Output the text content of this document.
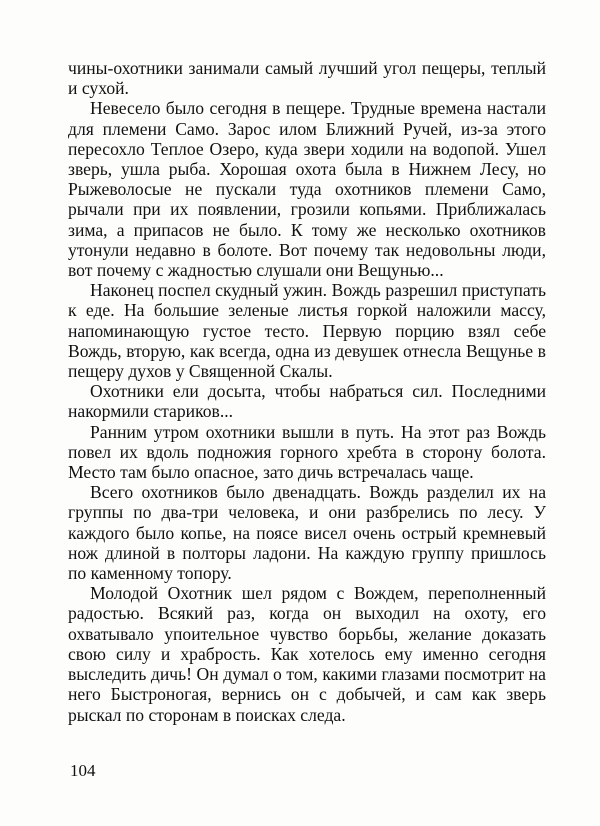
чины-охотники занимали самый лучший угол пещеры, теплый и сухой.

Невесело было сегодня в пещере. Трудные времена настали для племени Само. Зарос илом Ближний Ручей, из-за этого пересохло Теплое Озеро, куда звери ходили на водопой. Ушел зверь, ушла рыба. Хорошая охота была в Нижнем Лесу, но Рыжеволосые не пускали туда охотников племени Само, рычали при их появлении, грозили копьями. Приближалась зима, а припасов не было. К тому же несколько охотников утонули недавно в болоте. Вот почему так недовольны люди, вот почему с жадностью слушали они Вещунью...

Наконец поспел скудный ужин. Вождь разрешил приступать к еде. На большие зеленые листья горкой наложили массу, напоминающую густое тесто. Первую порцию взял себе Вождь, вторую, как всегда, одна из девушек отнесла Вещунье в пещеру духов у Священной Скалы.

Охотники ели досыта, чтобы набраться сил. Последними накормили стариков...

Ранним утром охотники вышли в путь. На этот раз Вождь повел их вдоль подножия горного хребта в сторону болота. Место там было опасное, зато дичь встречалась чаще.

Всего охотников было двенадцать. Вождь разделил их на группы по два-три человека, и они разбрелись по лесу. У каждого было копье, на поясе висел очень острый кремневый нож длиной в полторы ладони. На каждую группу пришлось по каменному топору.

Молодой Охотник шел рядом с Вождем, переполненный радостью. Всякий раз, когда он выходил на охоту, его охватывало упоительное чувство борьбы, желание доказать свою силу и храбрость. Как хотелось ему именно сегодня выследить дичь! Он думал о том, какими глазами посмотрит на него Быстроногая, вернись он с добычей, и сам как зверь рыскал по сторонам в поисках следа.

104
